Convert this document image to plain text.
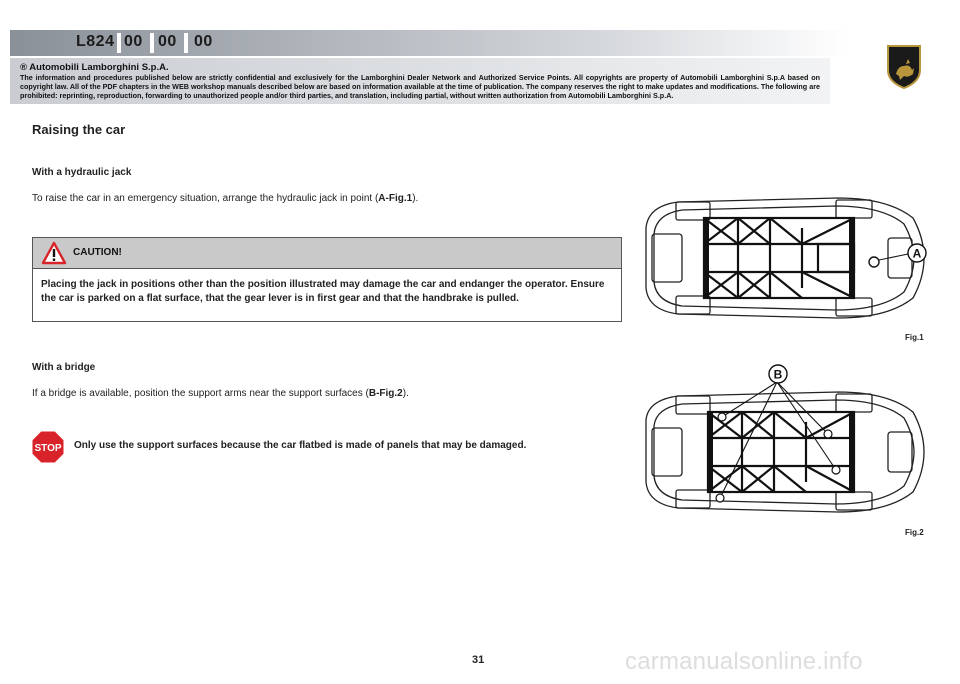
L824 00 00 00
® Automobili Lamborghini S.p.A.
The information and procedures published below are strictly confidential and exclusively for the Lamborghini Dealer Network and Authorized Service Points. All copyrights are property of Automobili Lamborghini S.p.A based on copyright law. All of the PDF chapters in the WEB workshop manuals described below are based on information available at the time of publication. The company reserves the right to make updates and modifications. The following are prohibited: reprinting, reproduction, forwarding to unauthorized people and/or third parties, and translation, including partial, without written authorization from Automobili Lamborghini S.p.A.
Raising the car
With a hydraulic jack
To raise the car in an emergency situation, arrange the hydraulic jack in point (A-Fig.1).
CAUTION!
Placing the jack in positions other than the position illustrated may damage the car and endanger the operator. Ensure the car is parked on a flat surface, that the gear lever is in first gear and that the handbrake is pulled.
With a bridge
If a bridge is available, position the support arms near the support surfaces (B-Fig.2).
STOP Only use the support surfaces because the car flatbed is made of panels that may be damaged.
A
Fig.1
B
Fig.2
31	carmanualsonline.info
